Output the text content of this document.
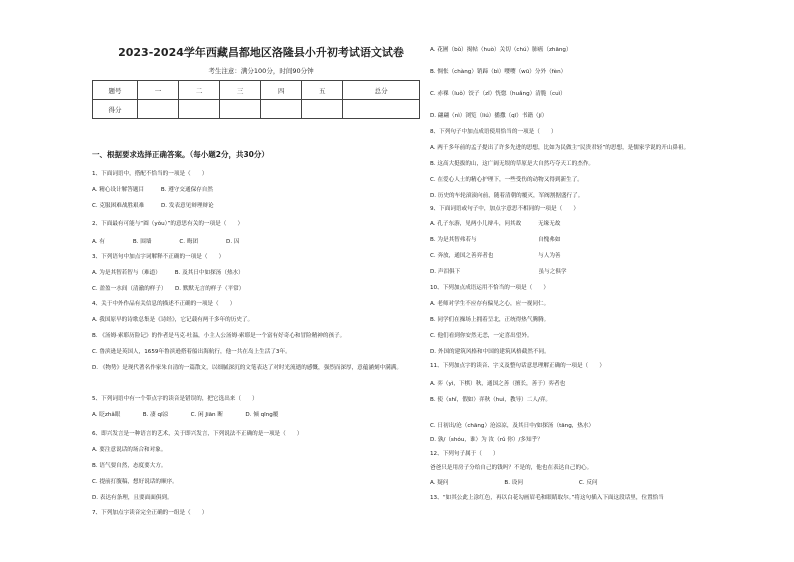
2023-2024学年西藏昌都地区洛隆县小升初考试语文试卷
考生注意：满分100分，时间90分钟
题号	一	二	三	四	五	总分
得分						
一、根据要求选择正确答案。（每小题2分，共30分）
1、下面词语中，搭配不恰当的一项是（　　）
A. 精心设计解答题目　　　B. 遵守交通保存自然
C. 克服困难战胜艰难　　　D. 发表意见辩理辩论
2、下面最有可能与“圆（yǒu）”的意思有关的一项是（　　）
A. 有　　　　　B. 围墙　　　　　C. 晦团　　　　　D. 囚
3、下列语句中加点字词解释不正确的一项是（　　）
A. 为是其智若智与（难道）　　　B. 及其日中如探汤（热水）
C. 盈盈一水间（清澈的样子）　　D. 默默无言的样子（平常）
4、关于中外作品有关信息的描述不正确的一项是（　　）
A. 我国原早的诗歌总集是《诗经》，它记载有两千多年的历史了。
B. 《汤姆·索耶历险记》的作者是马克·吐温，小主人公汤姆·索耶是一个富有好奇心和冒险精神的孩子。
C. 鲁滨逊是英国人，1659年鲁滨逊搭着船出海航行，他一共在岛上生活了3年。
D. 《物势》是现代著名作家朱自清的一篇散文，以细腻深沉的文笔表达了对时光流逝的感慨，强烈而深厚，意蕴涵刻中满满。
5、下列词语中有一个带点字的读音是错误的，把它选出来（　　）
A. 眨zhǎ眼　　　　B. 凄 qī凉　　　　C. 闲 Jiān 断　　　　D. 倾 qīng覆
6、即兴发言是一种语言的艺术，关于即兴发言，下列说法不正确的是一项是（　　）
A. 要注意说话的场合和对象。
B. 语气要自然，态度要大方。
C. 提前打腹稿，想好说话的顺序。
D. 表达有条理，且要面面俱到。
7、下列加点字读音完全正确的一组是（　　）
A. 花圃（bǔ）揭帖（huò）关切（chú）肺癌（zhāng）
B. 惆怅（chàng）销蹄（bì）嘤嘤（wū）分外（fèn）
C. 赤裸（luǒ）饺子（zǐ）恍惚（huǎng）清脆（cuì）
D. 翩翩（nì）浏览（liú）播撒（qī）书籍（jí）
8、下列句子中加点成语使用恰当的一项是（　　）
A. 两千多年前的孟子提出了许多先进的思想，比如为民做主“民贵君轻”的思想，是儒家学说的开山鼻祖。
B. 这高大挺拔的山，这广阔无垠的草原是大自然巧夺天工的杰作。
C. 在爱心人士的精心护理下，一些受伤的动物又得到新生了。
D. 历史的车轮滚滚向前，随着清朝的覆灭，军阀割据盛行了。
9、下面词语或句子中，加点字意思不相同的一项是（　　）
A. 孔子东游，见两小儿辩斗，问其故　　　无缘无故
B. 为是其智弗若与　　　　　　　　　　　自愧弗如
C. 奔放，通国之善弈者也　　　　　　　　与人为善
D. 声泪俱下　　　　　　　　　　　　　　虽与之俱学
10、下列加点成语运用不恰当的一项是（　　）
A. 老师对学生不应存有偏见之心，应一视同仁。
B. 同学们在操场上拥着呈北，正统得热气腾腾。
C. 他们看到你安然无恙，一定喜出望外。
D. 外国的建筑风格和中国的建筑风格截然不同。
11、下列加点字的读音、字义及整句话意思理解正确的一项是（　　）
A. 弈（yì，下棋）秋，通国之善（擅长，善于）弈者也
B. 使（shǐ，假如）弈秋（huì，教导）二人/弈。
C. 日初出/沧（chāng）沧凉凉，及其日中/如探汤（tāng，热水）
D. 孰/（shóu，谁）为 汝（rǔ 你）/多知乎？
12、下列句子属于（　　）
爸爸只是用房子分给自己的钱吗？不是的，他也在表达自己的心。
A. 疑问　　　　　　　　　　B. 设问　　　　　　　　　　C. 反问
13、“如其公此上涂红色，再以白花勾画眉毛和眼睛取尔。”将这句插入下面这段话里，位置恰当
